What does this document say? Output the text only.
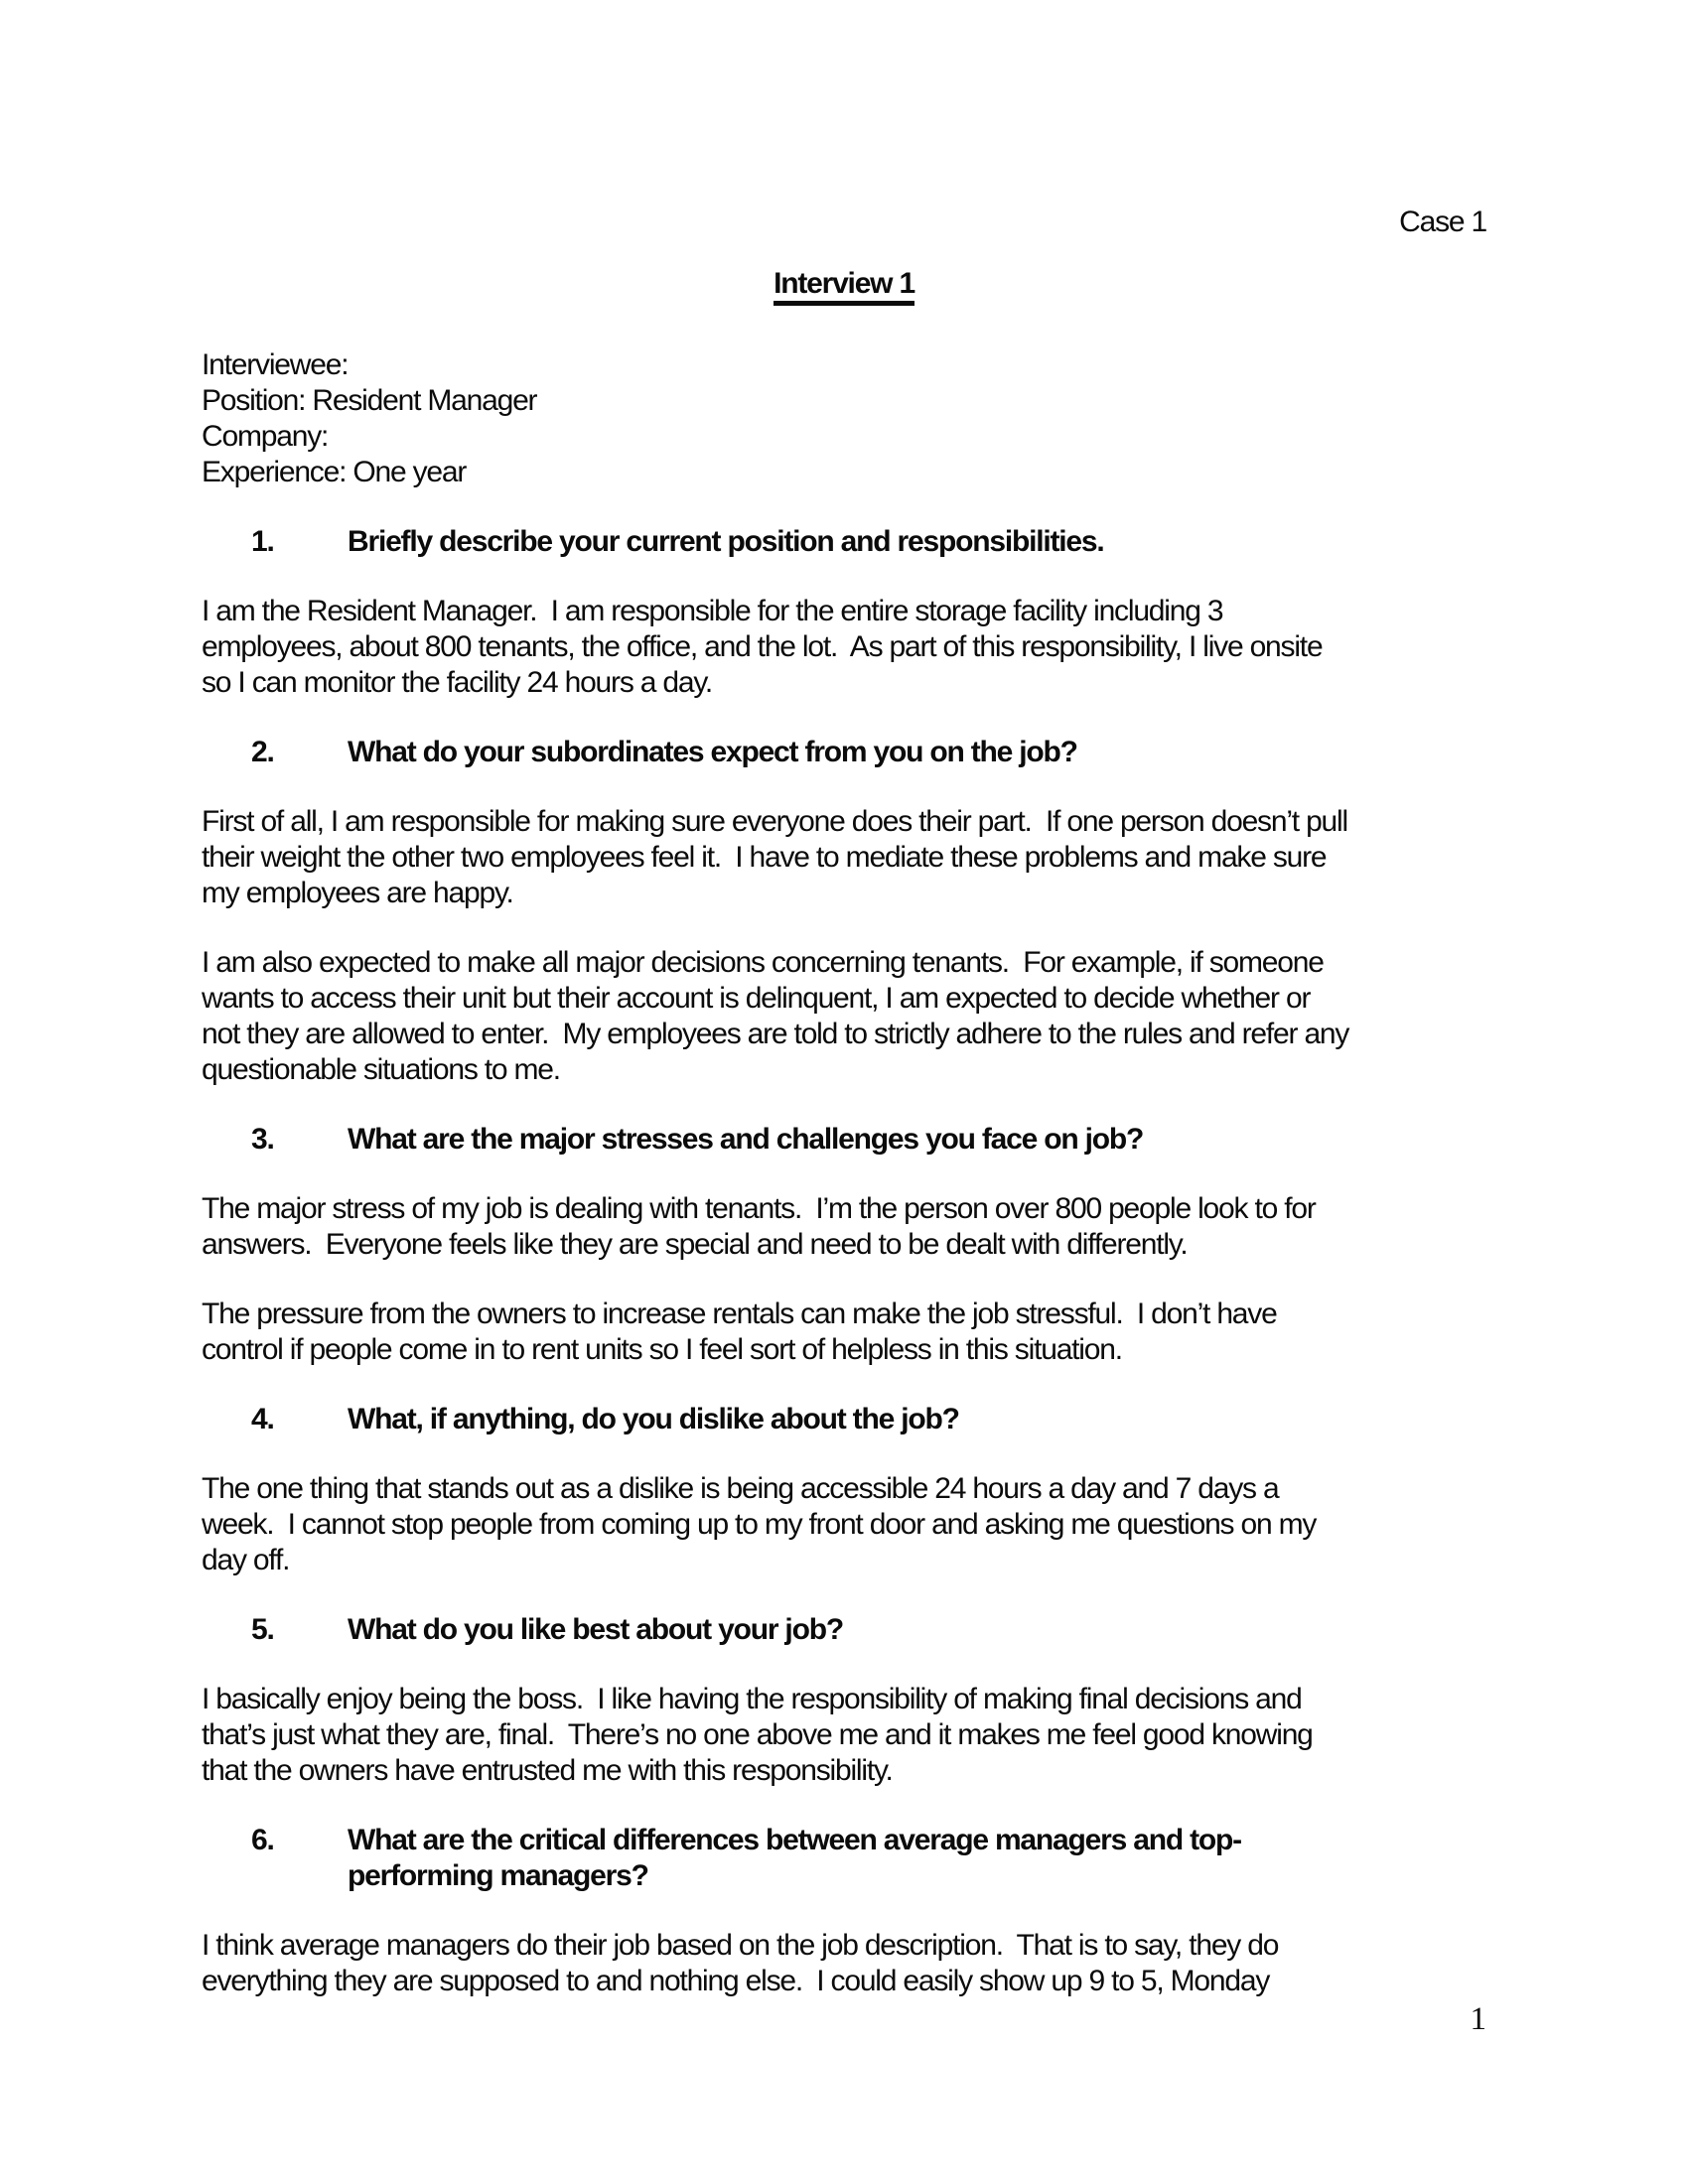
Case 1
Interview 1
Interviewee:
Position: Resident Manager
Company:
Experience: One year
1. Briefly describe your current position and responsibilities.
I am the Resident Manager.  I am responsible for the entire storage facility including 3
employees, about 800 tenants, the office, and the lot.  As part of this responsibility, I live onsite
so I can monitor the facility 24 hours a day.
2. What do your subordinates expect from you on the job?
First of all, I am responsible for making sure everyone does their part.  If one person doesn’t pull
their weight the other two employees feel it.  I have to mediate these problems and make sure
my employees are happy.
I am also expected to make all major decisions concerning tenants.  For example, if someone
wants to access their unit but their account is delinquent, I am expected to decide whether or
not they are allowed to enter.  My employees are told to strictly adhere to the rules and refer any
questionable situations to me.
3. What are the major stresses and challenges you face on job?
The major stress of my job is dealing with tenants.  I’m the person over 800 people look to for
answers.  Everyone feels like they are special and need to be dealt with differently.
The pressure from the owners to increase rentals can make the job stressful.  I don’t have
control if people come in to rent units so I feel sort of helpless in this situation.
4. What, if anything, do you dislike about the job?
The one thing that stands out as a dislike is being accessible 24 hours a day and 7 days a
week.  I cannot stop people from coming up to my front door and asking me questions on my
day off.
5. What do you like best about your job?
I basically enjoy being the boss.  I like having the responsibility of making final decisions and
that’s just what they are, final.  There’s no one above me and it makes me feel good knowing
that the owners have entrusted me with this responsibility.
6. What are the critical differences between average managers and top-
performing managers?
I think average managers do their job based on the job description.  That is to say, they do
everything they are supposed to and nothing else.  I could easily show up 9 to 5, Monday
1
